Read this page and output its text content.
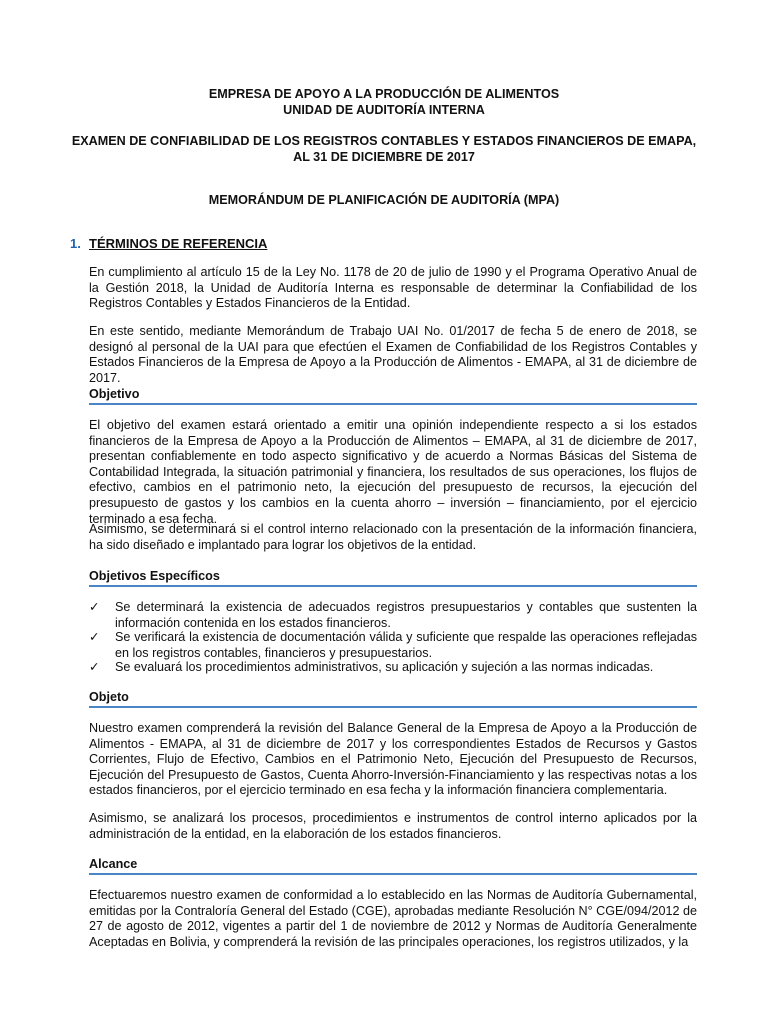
EMPRESA DE APOYO A LA PRODUCCIÓN DE ALIMENTOS
UNIDAD DE AUDITORÍA INTERNA
EXAMEN DE CONFIABILIDAD DE LOS REGISTROS CONTABLES Y ESTADOS FINANCIEROS DE EMAPA,
AL 31 DE DICIEMBRE DE 2017
MEMORÁNDUM DE PLANIFICACIÓN DE AUDITORÍA (MPA)
1. TÉRMINOS DE REFERENCIA

En cumplimiento al artículo 15 de la Ley No. 1178 de 20 de julio de 1990 y el Programa Operativo Anual de la Gestión 2018, la Unidad de Auditoría Interna es responsable de determinar la Confiabilidad de los Registros Contables y Estados Financieros de la Entidad.

En este sentido, mediante Memorándum de Trabajo UAI No. 01/2017 de fecha 5 de enero de 2018, se designó al personal de la UAI para que efectúen el Examen de Confiabilidad de los Registros Contables y Estados Financieros de la Empresa de Apoyo a la Producción de Alimentos - EMAPA, al 31 de diciembre de 2017.

Objetivo

El objetivo del examen estará orientado a emitir una opinión independiente respecto a si los estados financieros de la Empresa de Apoyo a la Producción de Alimentos – EMAPA, al 31 de diciembre de 2017, presentan confiablemente en todo aspecto significativo y de acuerdo a Normas Básicas del Sistema de Contabilidad Integrada, la situación patrimonial y financiera, los resultados de sus operaciones, los flujos de efectivo, cambios en el patrimonio neto, la ejecución del presupuesto de recursos, la ejecución del presupuesto de gastos y los cambios en la cuenta ahorro – inversión – financiamiento, por el ejercicio terminado a esa fecha.

Asimismo, se determinará si el control interno relacionado con la presentación de la información financiera, ha sido diseñado e implantado para lograr los objetivos de la entidad.

Objetivos Específicos
✓ Se determinará la existencia de adecuados registros presupuestarios y contables que sustenten la información contenida en los estados financieros.

✓ Se verificará la existencia de documentación válida y suficiente que respalde las operaciones reflejadas en los registros contables, financieros y presupuestarios.

✓ Se evaluará los procedimientos administrativos, su aplicación y sujeción a las normas indicadas.

Objeto

Nuestro examen comprenderá la revisión del Balance General de la Empresa de Apoyo a la Producción de Alimentos - EMAPA, al 31 de diciembre de 2017 y los correspondientes Estados de Recursos y Gastos Corrientes, Flujo de Efectivo, Cambios en el Patrimonio Neto, Ejecución del Presupuesto de Recursos, Ejecución del Presupuesto de Gastos, Cuenta Ahorro-Inversión-Financiamiento y las respectivas notas a los estados financieros, por el ejercicio terminado en esa fecha y la información financiera complementaria.

Asimismo, se analizará los procesos, procedimientos e instrumentos de control interno aplicados por la administración de la entidad, en la elaboración de los estados financieros.

Alcance

Efectuaremos nuestro examen de conformidad a lo establecido en las Normas de Auditoría Gubernamental, emitidas por la Contraloría General del Estado (CGE), aprobadas mediante Resolución N° CGE/094/2012 de 27 de agosto de 2012, vigentes a partir del 1 de noviembre de 2012 y Normas de Auditoría Generalmente Aceptadas en Bolivia, y comprenderá la revisión de las principales operaciones, los registros utilizados, y la
